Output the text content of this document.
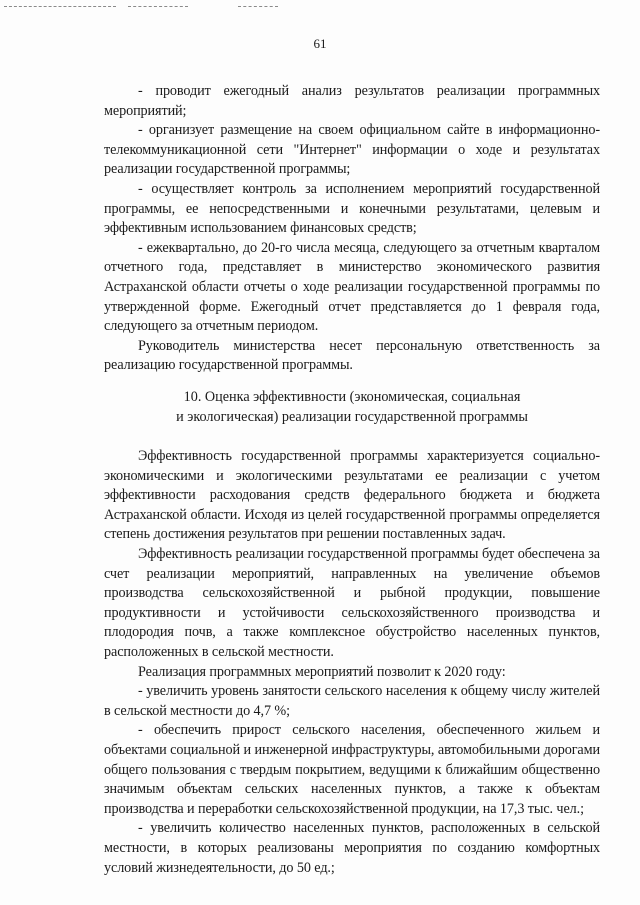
61

- проводит ежегодный анализ результатов реализации программных мероприятий;

- организует размещение на своем официальном сайте в информационно-телекоммуникационной сети "Интернет" информации о ходе и результатах реализации государственной программы;

- осуществляет контроль за исполнением мероприятий государственной программы, ее непосредственными и конечными результатами, целевым и эффективным использованием финансовых средств;

- ежеквартально, до 20-го числа месяца, следующего за отчетным кварталом отчетного года, представляет в министерство экономического развития Астраханской области отчеты о ходе реализации государственной программы по утвержденной форме. Ежегодный отчет представляется до 1 февраля года, следующего за отчетным периодом.

Руководитель министерства несет персональную ответственность за реализацию государственной программы.

10. Оценка эффективности (экономическая, социальная
и экологическая) реализации государственной программы

Эффективность государственной программы характеризуется социально-экономическими и экологическими результатами ее реализации с учетом эффективности расходования средств федерального бюджета и бюджета Астраханской области. Исходя из целей государственной программы определяется степень достижения результатов при решении поставленных задач.

Эффективность реализации государственной программы будет обеспечена за счет реализации мероприятий, направленных на увеличение объемов производства сельскохозяйственной и рыбной продукции, повышение продуктивности и устойчивости сельскохозяйственного производства и плодородия почв, а также комплексное обустройство населенных пунктов, расположенных в сельской местности.

Реализация программных мероприятий позволит к 2020 году:

- увеличить уровень занятости сельского населения к общему числу жителей в сельской местности до 4,7 %;

- обеспечить прирост сельского населения, обеспеченного жильем и объектами социальной и инженерной инфраструктуры, автомобильными дорогами общего пользования с твердым покрытием, ведущими к ближайшим общественно значимым объектам сельских населенных пунктов, а также к объектам производства и переработки сельскохозяйственной продукции, на 17,3 тыс. чел.;

- увеличить количество населенных пунктов, расположенных в сельской местности, в которых реализованы мероприятия по созданию комфортных условий жизнедеятельности, до 50 ед.;
